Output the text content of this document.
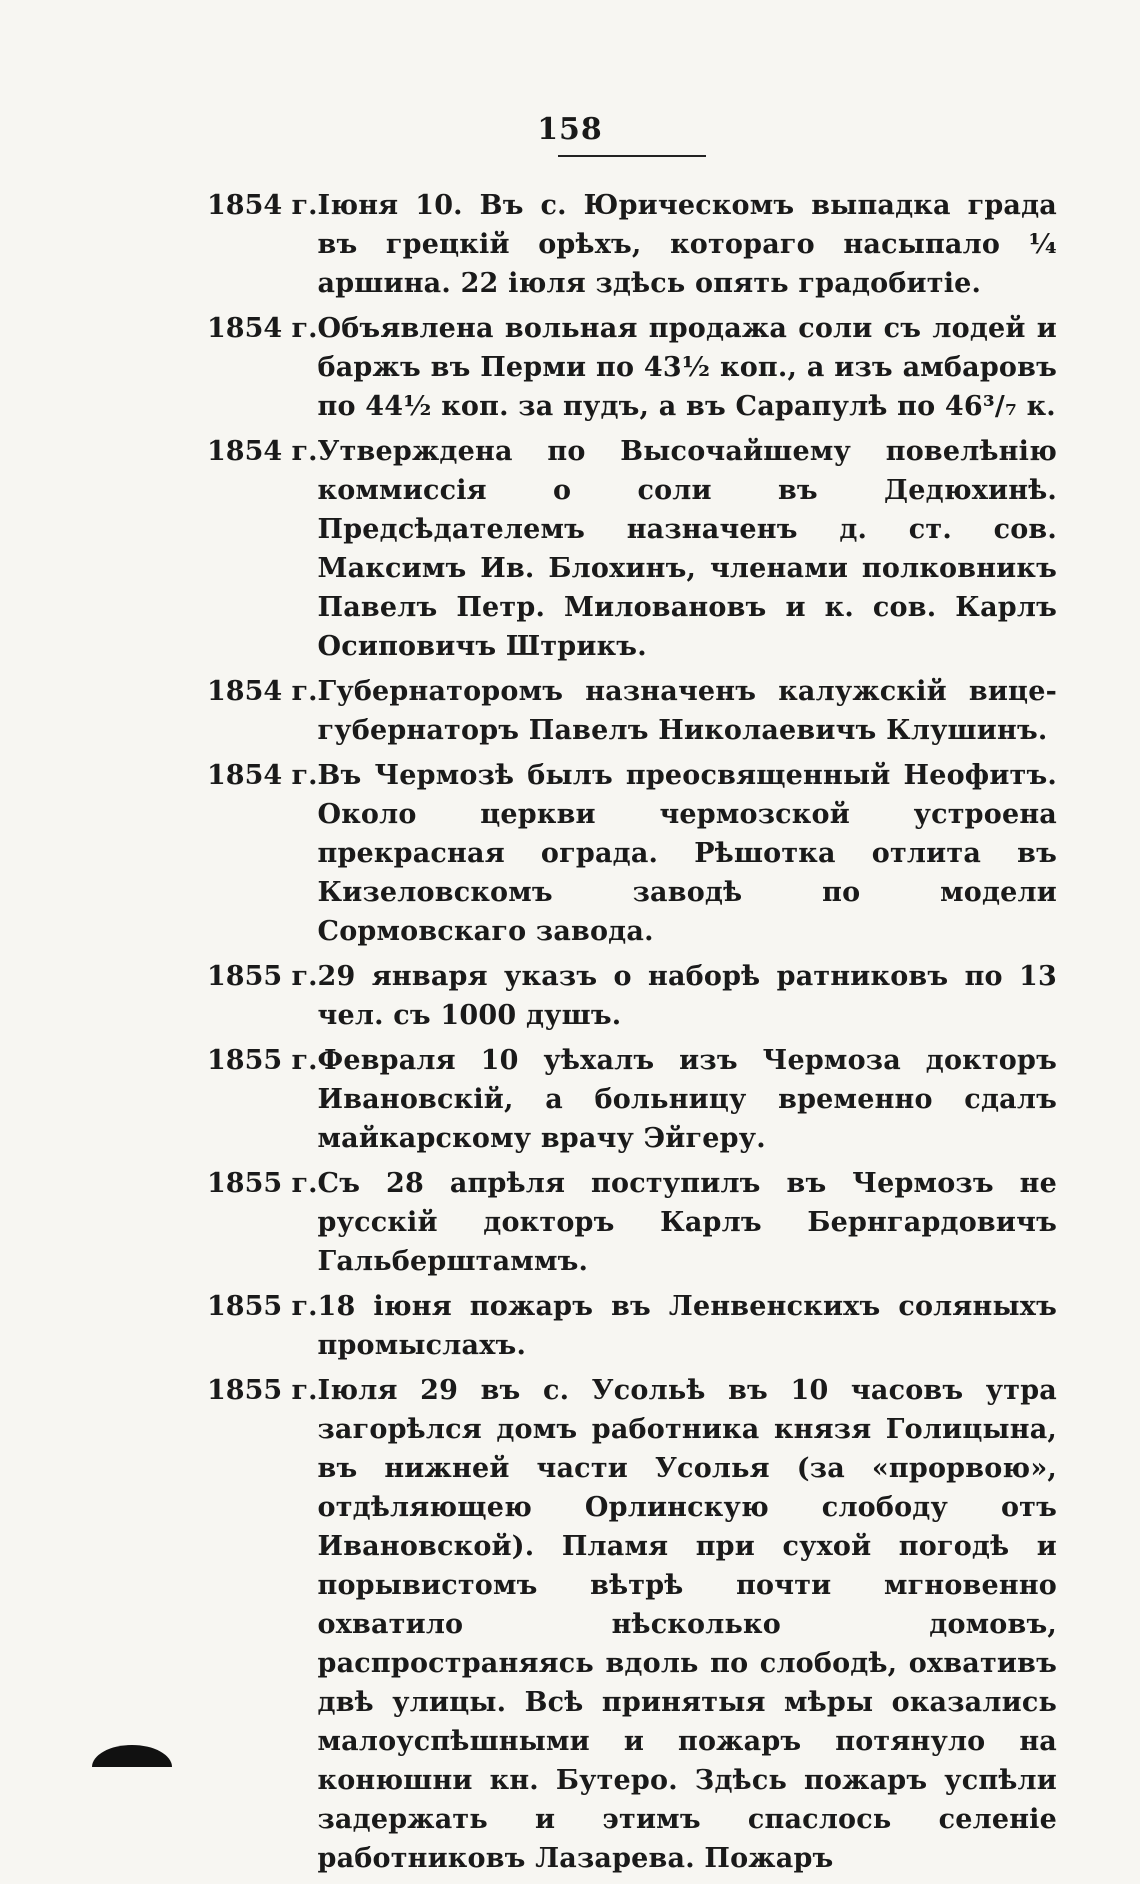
158
1854 г. Іюня 10. Въ с. Юрическомъ выпадка града въ грецкій орѣхъ, котораго насыпало ¼ аршина. 22 іюля здѣсь опять градобитіе.
1854 г. Объявлена вольная продажа соли съ лодей и баржъ въ Перми по 43½ коп., а изъ амбаровъ по 44½ коп. за пудъ, а въ Сарапулѣ по 46³/₇ к.
1854 г. Утверждена по Высочайшему повелѣнію коммиссія о соли въ Дедюхинѣ. Предсѣдателемъ назначенъ д. ст. сов. Максимъ Ив. Блохинъ, членами полковникъ Павелъ Петр. Миловановъ и к. сов. Карлъ Осиповичъ Штрикъ.
1854 г. Губернаторомъ назначенъ калужскій вице-губернаторъ Павелъ Николаевичъ Клушинъ.
1854 г. Въ Чермозѣ былъ преосвященный Неофитъ. Около церкви чермозской устроена прекрасная ограда. Рѣшотка отлита въ Кизеловскомъ заводѣ по модели Сормовскаго завода.
1855 г. 29 января указъ о наборѣ ратниковъ по 13 чел. съ 1000 душъ.
1855 г. Февраля 10 уѣхалъ изъ Чермоза докторъ Ивановскій, а больницу временно сдалъ майкарскому врачу Эйгеру.
1855 г. Съ 28 апрѣля поступилъ въ Чермозъ не русскій докторъ Карлъ Бернгардовичъ Гальберштаммъ.
1855 г. 18 іюня пожаръ въ Ленвенскихъ соляныхъ промыслахъ.
1855 г. Іюля 29 въ с. Усольѣ въ 10 часовъ утра загорѣлся домъ работника князя Голицына, въ нижней части Усолья (за «прорвою», отдѣляющею Орлинскую слободу отъ Ивановской). Пламя при сухой погодѣ и порывистомъ вѣтрѣ почти мгновенно охватило нѣсколько домовъ, распространяясь вдоль по слободѣ, охвативъ двѣ улицы. Всѣ принятыя мѣры оказались малоуспѣшными и пожаръ потянуло на конюшни кн. Бутеро. Здѣсь пожаръ успѣли задержать и этимъ спаслось селеніе работниковъ Лазарева. Пожаръ
